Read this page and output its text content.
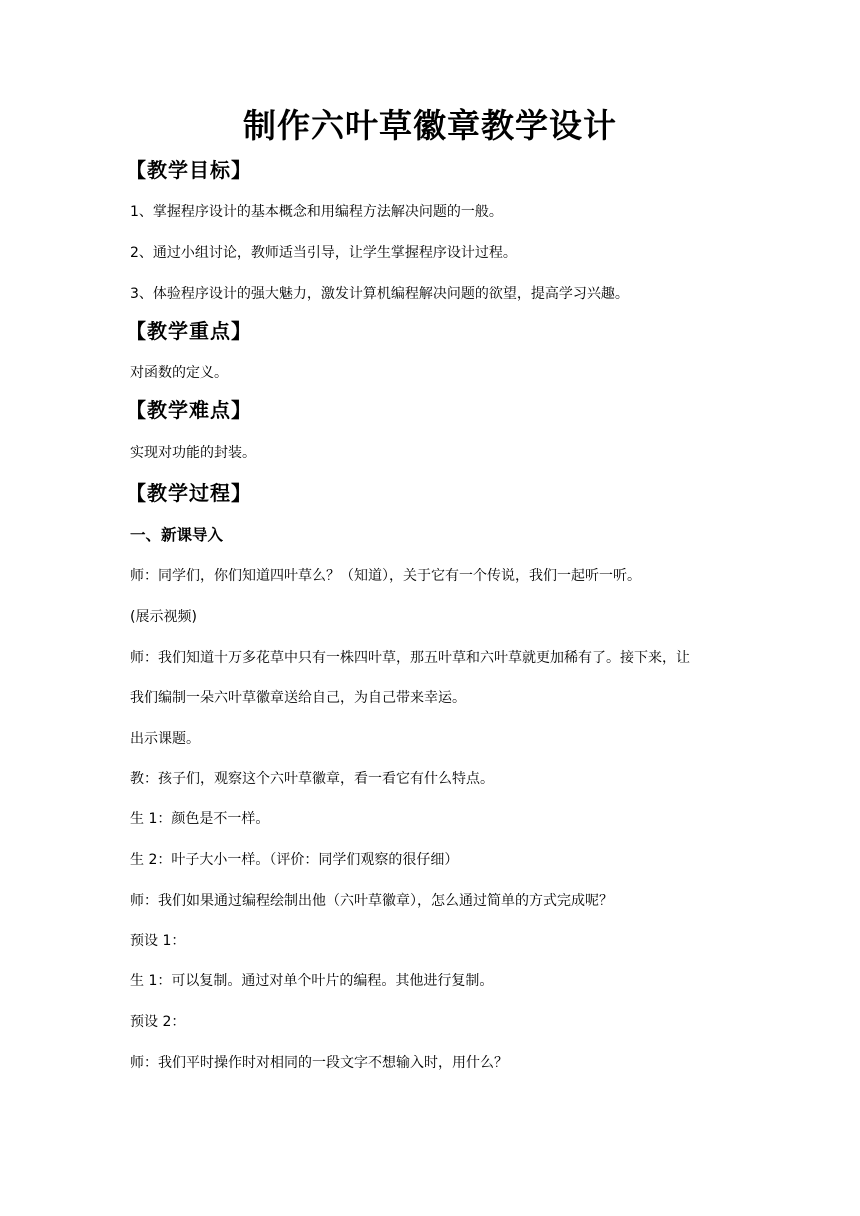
制作六叶草徽章教学设计
【教学目标】
1、掌握程序设计的基本概念和用编程方法解决问题的一般。
2、通过小组讨论，教师适当引导，让学生掌握程序设计过程。
3、体验程序设计的强大魅力，激发计算机编程解决问题的欲望，提高学习兴趣。
【教学重点】
对函数的定义。
【教学难点】
实现对功能的封装。
【教学过程】
一、新课导入
师：同学们，你们知道四叶草么？（知道），关于它有一个传说，我们一起听一听。
(展示视频)
师：我们知道十万多花草中只有一株四叶草，那五叶草和六叶草就更加稀有了。接下来，让
我们编制一朵六叶草徽章送给自己，为自己带来幸运。
出示课题。
教：孩子们，观察这个六叶草徽章，看一看它有什么特点。
生 1：颜色是不一样。
生 2：叶子大小一样。（评价：同学们观察的很仔细）
师：我们如果通过编程绘制出他（六叶草徽章），怎么通过简单的方式完成呢？
预设 1：
生 1：可以复制。通过对单个叶片的编程。其他进行复制。
预设 2：
师：我们平时操作时对相同的一段文字不想输入时，用什么？
